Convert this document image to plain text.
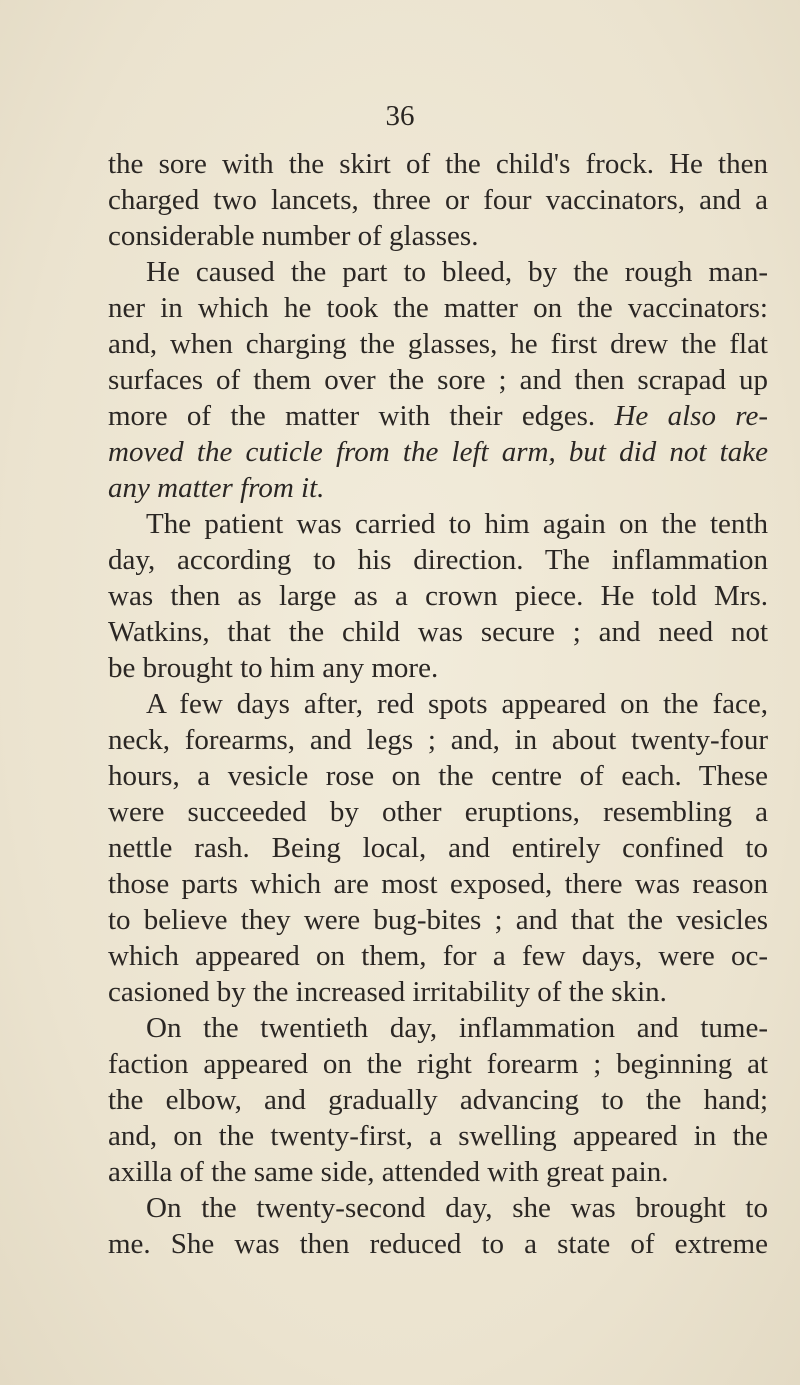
36
the sore with the skirt of the child's frock. He then
charged two lancets, three or four vaccinators, and a
considerable number of glasses.
He caused the part to bleed, by the rough man-
ner in which he took the matter on the vaccinators:
and, when charging the glasses, he first drew the flat
surfaces of them over the sore ; and then scrapad up
more of the matter with their edges. He also re-
moved the cuticle from the left arm, but did not take
any matter from it.
The patient was carried to him again on the tenth
day, according to his direction. The inflammation
was then as large as a crown piece. He told Mrs.
Watkins, that the child was secure ; and need not
be brought to him any more.
A few days after, red spots appeared on the face,
neck, forearms, and legs ; and, in about twenty-four
hours, a vesicle rose on the centre of each. These
were succeeded by other eruptions, resembling a
nettle rash. Being local, and entirely confined to
those parts which are most exposed, there was reason
to believe they were bug-bites ; and that the vesicles
which appeared on them, for a few days, were oc-
casioned by the increased irritability of the skin.
On the twentieth day, inflammation and tume-
faction appeared on the right forearm ; beginning at
the elbow, and gradually advancing to the hand;
and, on the twenty-first, a swelling appeared in the
axilla of the same side, attended with great pain.
On the twenty-second day, she was brought to
me. She was then reduced to a state of extreme
